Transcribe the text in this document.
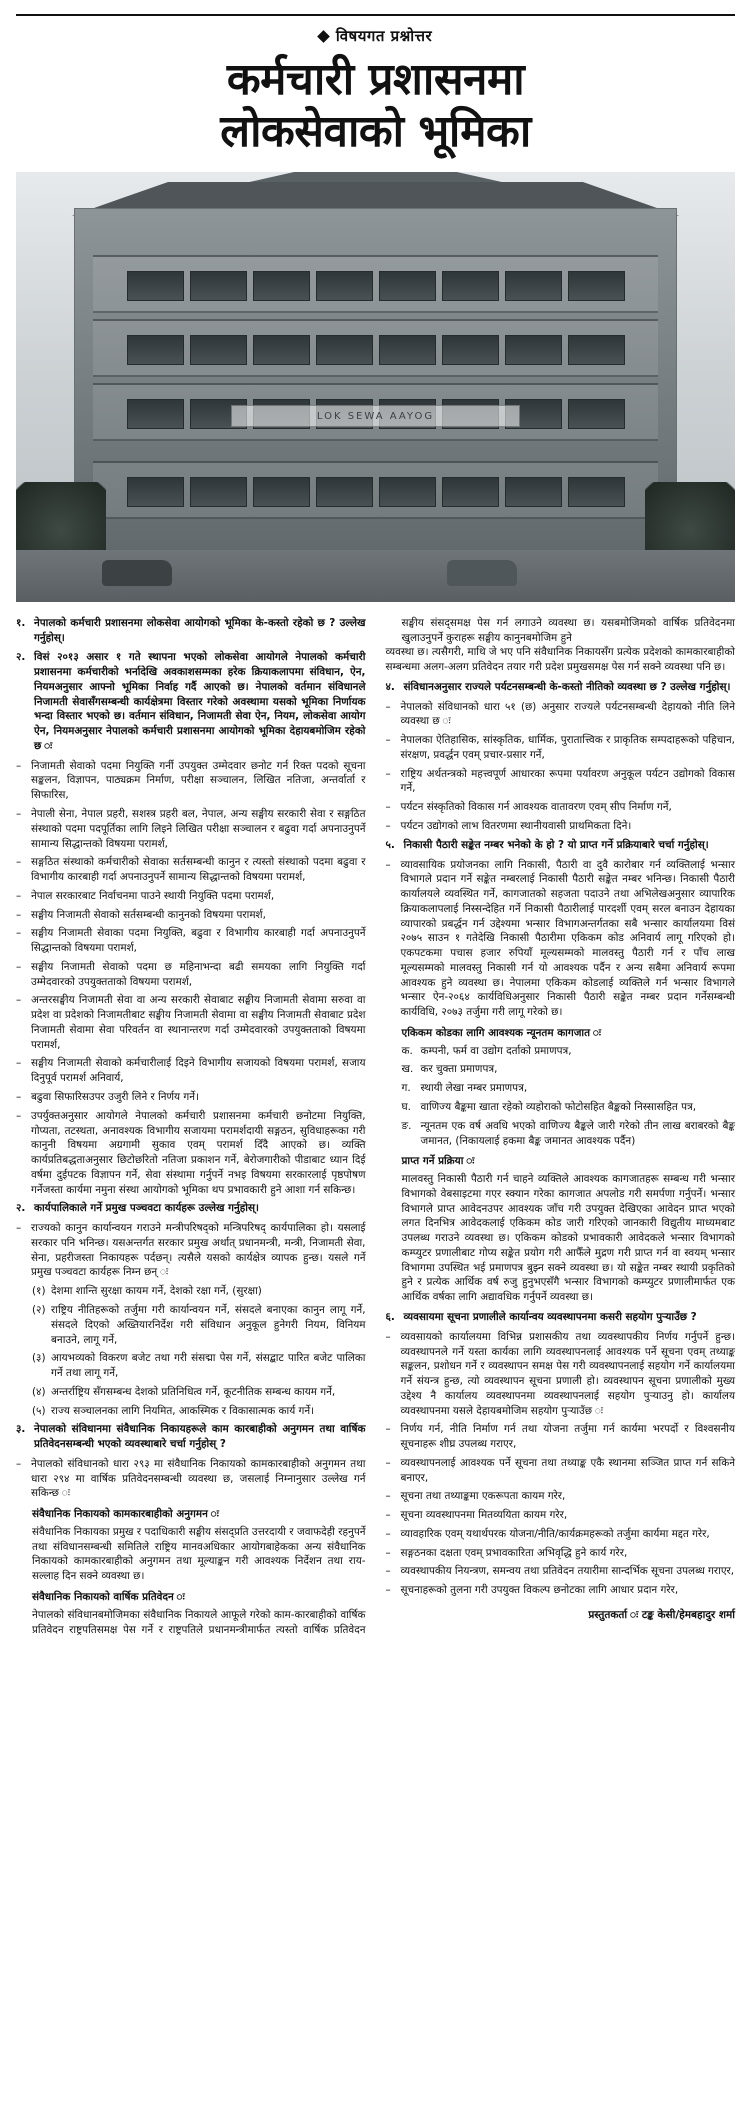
विषयगत प्रश्नोत्तर
कर्मचारी प्रशासनमा
लोकसेवाको भूमिका
LOK SEWA AAYOG
१. नेपालको कर्मचारी प्रशासनमा लोकसेवा आयोगको भूमिका के-कस्तो रहेको छ ? उल्लेख गर्नुहोस्।
२. विसं २०१३ असार १ गते स्थापना भएको लोकसेवा आयोगले नेपालको कर्मचारी प्रशासनमा कर्मचारीको भर्नादेखि अवकाशसम्मका हरेक क्रियाकलापमा संविधान, ऐन, नियमअनुसार आफ्नो भूमिका निर्वाह गर्दै आएको छ। नेपालको वर्तमान संविधानले निजामती सेवासँगसम्बन्धी कार्यक्षेत्रमा विस्तार गरेको अवस्थामा यसको भूमिका निर्णायक भन्दा विस्तार भएको छ। वर्तमान संविधान, निजामती सेवा ऐन, नियम, लोकसेवा आयोग ऐन, नियमअनुसार नेपालको कर्मचारी प्रशासनमा आयोगको भूमिका देहायबमोजिम रहेको छ ः
– निजामती सेवाको पदमा नियुक्ति गर्नी उपयुक्त उम्मेदवार छनोट गर्न रिक्त पदको सूचना सङ्कलन, विज्ञापन, पाठ्यक्रम निर्माण, परीक्षा सञ्चालन, लिखित नतिजा, अन्तर्वार्ता र सिफारिस,
– नेपाली सेना, नेपाल प्रहरी, सशस्त्र प्रहरी बल, नेपाल, अन्य सङ्घीय सरकारी सेवा र सङ्गठित संस्थाको पदमा पदपूर्तिका लागि लिइने लिखित परीक्षा सञ्चालन र बढुवा गर्दा अपनाउनुपर्ने सामान्य सिद्धान्तको विषयमा परामर्श,
– सङ्गठित संस्थाको कर्मचारीको सेवाका सर्तसम्बन्धी कानुन र त्यस्तो संस्थाको पदमा बढुवा र विभागीय कारबाही गर्दा अपनाउनुपर्ने सामान्य सिद्धान्तको विषयमा परामर्श,
– नेपाल सरकारबाट निर्वाचनमा पाउने स्थायी नियुक्ति पदमा परामर्श,
– सङ्घीय निजामती सेवाको सर्तसम्बन्धी कानुनको विषयमा परामर्श,
– सङ्घीय निजामती सेवाका पदमा नियुक्ति, बढुवा र विभागीय कारबाही गर्दा अपनाउनुपर्ने सिद्धान्तको विषयमा परामर्श,
– सङ्घीय निजामती सेवाको पदमा छ महिनाभन्दा बढी समयका लागि नियुक्ति गर्दा उम्मेदवारको उपयुक्तताको विषयमा परामर्श,
– अन्तरसङ्घीय निजामती सेवा वा अन्य सरकारी सेवाबाट सङ्घीय निजामती सेवामा सरुवा वा प्रदेश वा प्रदेशको निजामतीबाट सङ्घीय निजामती सेवामा वा सङ्घीय निजामती सेवाबाट प्रदेश निजामती सेवामा सेवा परिवर्तन वा स्थानान्तरण गर्दा उम्मेदवारको उपयुक्तताको विषयमा परामर्श,
– सङ्घीय निजामती सेवाको कर्मचारीलाई दिइने विभागीय सजायको विषयमा परामर्श, सजाय दिनुपूर्व परामर्श अनिवार्य,
– बढुवा सिफारिसउपर उजुरी लिने र निर्णय गर्ने।
– उपर्युक्तअनुसार आयोगले नेपालको कर्मचारी प्रशासनमा कर्मचारी छनोटमा नियुक्ति, गोप्यता, तटस्थता, अनावश्यक विभागीय सजायमा परामर्शदायी सङ्गठन, सुविधाहरूका गरी कानुनी विषयमा अग्रगामी सुकाव एवम् परामर्श दिँदै आएको छ। व्यक्ति कार्यप्रतिबद्धताअनुसार छिटोछरितो नतिजा प्रकाशन गर्ने, बेरोजगारीको पीडाबाट ध्यान दिई वर्षमा दुईपटक विज्ञापन गर्ने, सेवा संस्थामा गर्नुपर्ने नभइ विषयमा सरकारलाई पृष्ठपोषण गर्नेजस्ता कार्यमा नमुना संस्था आयोगको भूमिका थप प्रभावकारी हुने आशा गर्न सकिन्छ।
२. कार्यपालिकाले गर्ने प्रमुख पञ्चवटा कार्यहरू उल्लेख गर्नुहोस्।
– राज्यको कानुन कार्यान्वयन गराउने मन्त्रीपरिषद्को मन्त्रिपरिषद् कार्यपालिका हो। यसलाई सरकार पनि भनिन्छ। यसअन्तर्गत सरकार प्रमुख अर्थात् प्रधानमन्त्री, मन्त्री, निजामती सेवा, सेना, प्रहरीजस्ता निकायहरू पर्दछन्। त्यसैले यसको कार्यक्षेत्र व्यापक हुन्छ। यसले गर्ने प्रमुख पञ्चवटा कार्यहरू निम्न छन् ः
(१) देशमा शान्ति सुरक्षा कायम गर्ने, देशको रक्षा गर्ने, (सुरक्षा)
(२) राष्ट्रिय नीतिहरूको तर्जुमा गरी कार्यान्वयन गर्ने, संसदले बनाएका कानुन लागू गर्ने, संसदले दिएको अख्तियारनिर्देश गरी संविधान अनुकूल हुनेगरी नियम, विनियम बनाउने, लागू गर्ने,
(३) आयभव्यको विकरण बजेट तथा गरी संसद्मा पेस गर्ने, संसद्बाट पारित बजेट पालिका गर्ने तथा लागू गर्ने,
(४) अन्तर्राष्ट्रिय सँगसम्बन्ध देशको प्रतिनिधित्व गर्ने, कूटनीतिक सम्बन्ध कायम गर्ने,
(५) राज्य सञ्चालनका लागि नियमित, आकस्मिक र विकासात्मक कार्य गर्ने।
३. नेपालको संविधानमा संवैधानिक निकायहरूले काम कारबाहीको अनुगमन तथा वार्षिक प्रतिवेदनसम्बन्धी भएको व्यवस्थाबारे चर्चा गर्नुहोस् ?
– नेपालको संविधानको धारा २९३ मा संवैधानिक निकायको कामकारबाहीको अनुगमन तथा धारा २९४ मा वार्षिक प्रतिवेदनसम्बन्धी व्यवस्था छ, जसलाई निम्नानुसार उल्लेख गर्न सकिन्छ ः
संवैधानिक निकायको कामकारबाहीको अनुगमन ः
संवैधानिक निकायका प्रमुख र पदाधिकारी सङ्घीय संसद्प्रति उत्तरदायी र जवाफदेही रहनुपर्ने तथा संविधानसम्बन्धी समितिले राष्ट्रिय मानवअधिकार आयोगबाहेकका अन्य संवैधानिक निकायको कामकारबाहीको अनुगमन तथा मूल्याङ्कन गरी आवश्यक निर्देशन तथा राय-सल्लाह दिन सक्ने व्यवस्था छ।
संवैधानिक निकायको वार्षिक प्रतिवेदन ः
नेपालको संविधानबमोजिमका संवैधानिक निकायले आफूले गरेको काम-कारबाहीको वार्षिक प्रतिवेदन राष्ट्रपतिसमक्ष पेस गर्ने र राष्ट्रपतिले प्रधानमन्त्रीमार्फत त्यस्तो वार्षिक प्रतिवेदन सङ्घीय संसद्समक्ष पेस गर्न लगाउने व्यवस्था छ। यसबमोजिमको वार्षिक प्रतिवेदनमा खुलाउनुपर्ने कुराहरू सङ्घीय कानुनबमोजिम हुने
व्यवस्था छ। त्यसैगरी, माथि जे भए पनि संवैधानिक निकायसँग प्रत्येक प्रदेशको कामकारबाहीको सम्बन्धमा अलग-अलग प्रतिवेदन तयार गरी प्रदेश प्रमुखसमक्ष पेस गर्न सक्ने व्यवस्था पनि छ।
४. संविधानअनुसार राज्यले पर्यटनसम्बन्धी के-कस्तो नीतिको व्यवस्था छ ? उल्लेख गर्नुहोस्।
– नेपालको संविधानको धारा ५१ (छ) अनुसार राज्यले पर्यटनसम्बन्धी देहायको नीति लिने व्यवस्था छ ः
– नेपालका ऐतिहासिक, सांस्कृतिक, धार्मिक, पुरातात्त्विक र प्राकृतिक सम्पदाहरूको पहिचान, संरक्षण, प्रवर्द्धन एवम् प्रचार-प्रसार गर्ने,
– राष्ट्रिय अर्थतन्त्रको महत्त्वपूर्ण आधारका रूपमा पर्यावरण अनुकूल पर्यटन उद्योगको विकास गर्ने,
– पर्यटन संस्कृतिको विकास गर्न आवश्यक वातावरण एवम् सीप निर्माण गर्ने,
– पर्यटन उद्योगको लाभ वितरणमा स्थानीयवासी प्राथमिकता दिने।
५. निकासी पैठारी सङ्केत नम्बर भनेको के हो ? यो प्राप्त गर्ने प्रक्रियाबारे चर्चा गर्नुहोस्।
– व्यावसायिक प्रयोजनका लागि निकासी, पैठारी वा दुवै कारोबार गर्न व्यक्तिलाई भन्सार विभागले प्रदान गर्ने सङ्केत नम्बरलाई निकासी पैठारी सङ्केत नम्बर भनिन्छ। निकासी पैठारी कार्यालयले व्यवस्थित गर्ने, कागजातको सहजता पदाउने तथा अभिलेखअनुसार व्यापारिक क्रियाकलापलाई निस्सन्देहित गर्ने निकासी पैठारीलाई पारदर्शी एवम् सरल बनाउन देहायका व्यापारको प्रबर्द्धन गर्न उद्देश्यमा भन्सार विभागअन्तर्गतका सबै भन्सार कार्यालयमा विसं २०७५ साउन १ गतेदेखि निकासी पैठारीमा एकिकम कोड अनिवार्य लागू गरिएको हो। एकपटकमा पचास हजार रुपियाँ मूल्यसम्मको मालवस्तु पैठारी गर्न र पाँच लाख मूल्यसम्मको मालवस्तु निकासी गर्न यो आवश्यक पर्दैन र अन्य सबैमा अनिवार्य रूपमा आवश्यक हुने व्यवस्था छ। नेपालमा एकिकम कोडलाई व्यक्तिले गर्न भन्सार विभागले भन्सार ऐन-२०६४ कार्यविधिअनुसार निकासी पैठारी सङ्केत नम्बर प्रदान गर्नेसम्बन्धी कार्यविधि, २०७३ तर्जुमा गरी लागू गरेको छ।
एकिकम कोडका लागि आवश्यक न्यूनतम कागजात ः
क. कम्पनी, फर्म वा उद्योग दर्ताको प्रमाणपत्र,
ख. कर चुक्ता प्रमाणपत्र,
ग. स्थायी लेखा नम्बर प्रमाणपत्र,
घ. वाणिज्य बैङ्कमा खाता रहेको व्यहोराको फोटोसहित बैङ्कको निस्सासहित पत्र,
ङ. न्यूनतम एक वर्ष अवधि भएको वाणिज्य बैङ्कले जारी गरेको तीन लाख बराबरको बैङ्क जमानत, (निकायलाई हकमा बैङ्क जमानत आवश्यक पर्दैन)
प्राप्त गर्ने प्रक्रिया ः
मालवस्तु निकासी पैठारी गर्न चाहने व्यक्तिले आवश्यक कागजातहरू सम्बन्ध गरी भन्सार विभागको वेबसाइटमा गएर स्क्यान गरेका कागजात अपलोड गरी समर्पणा गर्नुपर्ने। भन्सार विभागले प्राप्त आवेदनउपर आवश्यक जाँच गरी उपयुक्त देखिएका आवेदन प्राप्त भएको लगत दिनभित्र आवेदकलाई एकिकम कोड जारी गरिएको जानकारी विद्युतीय माध्यमबाट उपलब्ध गराउने व्यवस्था छ। एकिकम कोडको प्रभावकारी आवेदकले भन्सार विभागको कम्प्युटर प्रणालीबाट गोप्य सङ्केत प्रयोग गरी आफैँले मुद्रण गरी प्राप्त गर्न वा स्वयम् भन्सार विभागमा उपस्थित भई प्रमाणपत्र बुझ्न सक्ने व्यवस्था छ। यो सङ्केत नम्बर स्थायी प्रकृतिको हुने र प्रत्येक आर्थिक वर्ष रुजु हुनुभएसँगै भन्सार विभागको कम्प्युटर प्रणालीमार्फत एक आर्थिक वर्षका लागि अद्यावधिक गर्नुपर्ने व्यवस्था छ।
६. व्यवसायमा सूचना प्रणालीले कार्यान्वय व्यवस्थापनमा कसरी सहयोग पुऱ्याउँछ ?
– व्यवसायको कार्यालयमा विभिन्न प्रशासकीय तथा व्यवस्थापकीय निर्णय गर्नुपर्ने हुन्छ। व्यवस्थापनले गर्ने यस्ता कार्यका लागि व्यवस्थापनलाई आवश्यक पर्ने सूचना एवम् तथ्याङ्क सङ्कलन, प्रशोधन गर्ने र व्यवस्थापन समक्ष पेस गरी व्यवस्थापनलाई सहयोग गर्ने कार्यालयमा गर्ने संयन्त्र हुन्छ, त्यो व्यवस्थापन सूचना प्रणाली हो। व्यवस्थापन सूचना प्रणालीको मुख्य उद्देश्य नै कार्यालय व्यवस्थापनमा व्यवस्थापनलाई सहयोग पुऱ्याउनु हो। कार्यालय व्यवस्थापनमा यसले देहायबमोजिम सहयोग पुऱ्याउँछ ः
– निर्णय गर्न, नीति निर्माण गर्न तथा योजना तर्जुमा गर्न कार्यमा भरपर्दो र विश्वसनीय सूचनाहरू शीघ्र उपलब्ध गराएर,
– व्यवस्थापनलाई आवश्यक पर्ने सूचना तथा तथ्याङ्क एकै स्थानमा सञ्जित प्राप्त गर्न सकिने बनाएर,
– सूचना तथा तथ्याङ्कमा एकरूपता कायम गरेर,
– सूचना व्यवस्थापनमा मितव्ययिता कायम गरेर,
– व्यावहारिक एवम् यथार्थपरक योजना/नीति/कार्यक्रमहरूको तर्जुमा कार्यमा मद्दत गरेर,
– सङ्गठनका दक्षता एवम् प्रभावकारिता अभिवृद्धि हुने कार्य गरेर,
– व्यवस्थापकीय नियन्त्रण, समन्वय तथा प्रतिवेदन तयारीमा सान्दर्भिक सूचना उपलब्ध गराएर,
– सूचनाहरूको तुलना गरी उपयुक्त विकल्प छनोटका लागि आधार प्रदान गरेर,
प्रस्तुतकर्ता ः टङ्क केसी/हेमबहादुर शर्मा
